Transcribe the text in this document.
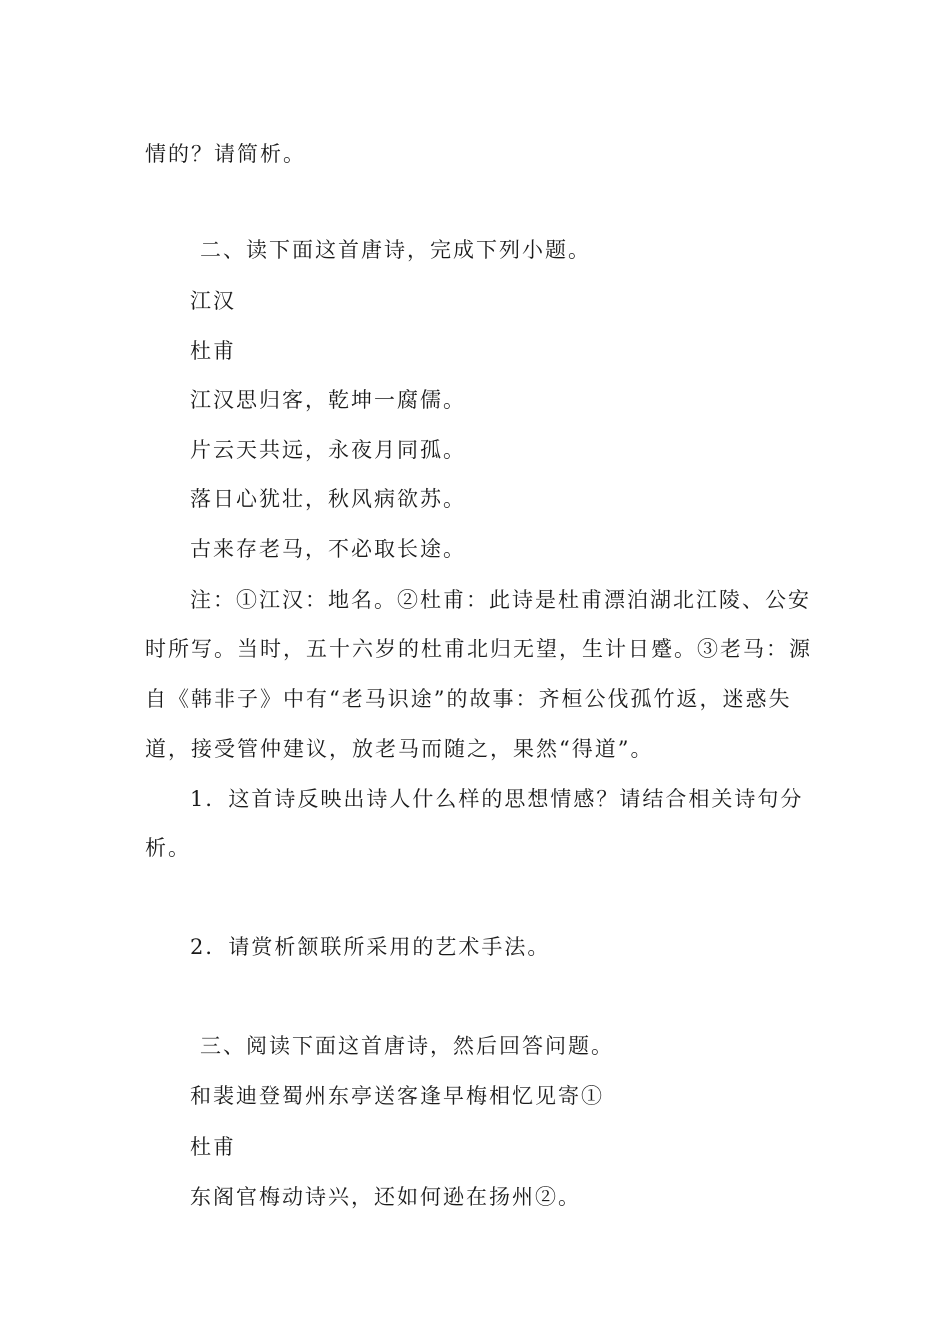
情的？请简析。
二、读下面这首唐诗，完成下列小题。
江汉
杜甫
江汉思归客，乾坤一腐儒。
片云天共远，永夜月同孤。
落日心犹壮，秋风病欲苏。
古来存老马，不必取长途。
注：①江汉：地名。②杜甫：此诗是杜甫漂泊湖北江陵、公安
时所写。当时，五十六岁的杜甫北归无望，生计日蹙。③老马：源
自《韩非子》中有“老马识途”的故事：齐桓公伐孤竹返，迷惑失
道，接受管仲建议，放老马而随之，果然“得道”。
1．这首诗反映出诗人什么样的思想情感？请结合相关诗句分
析。
2．请赏析颔联所采用的艺术手法。
三、阅读下面这首唐诗，然后回答问题。
和裴迪登蜀州东亭送客逢早梅相忆见寄①
杜甫
东阁官梅动诗兴，还如何逊在扬州②。
